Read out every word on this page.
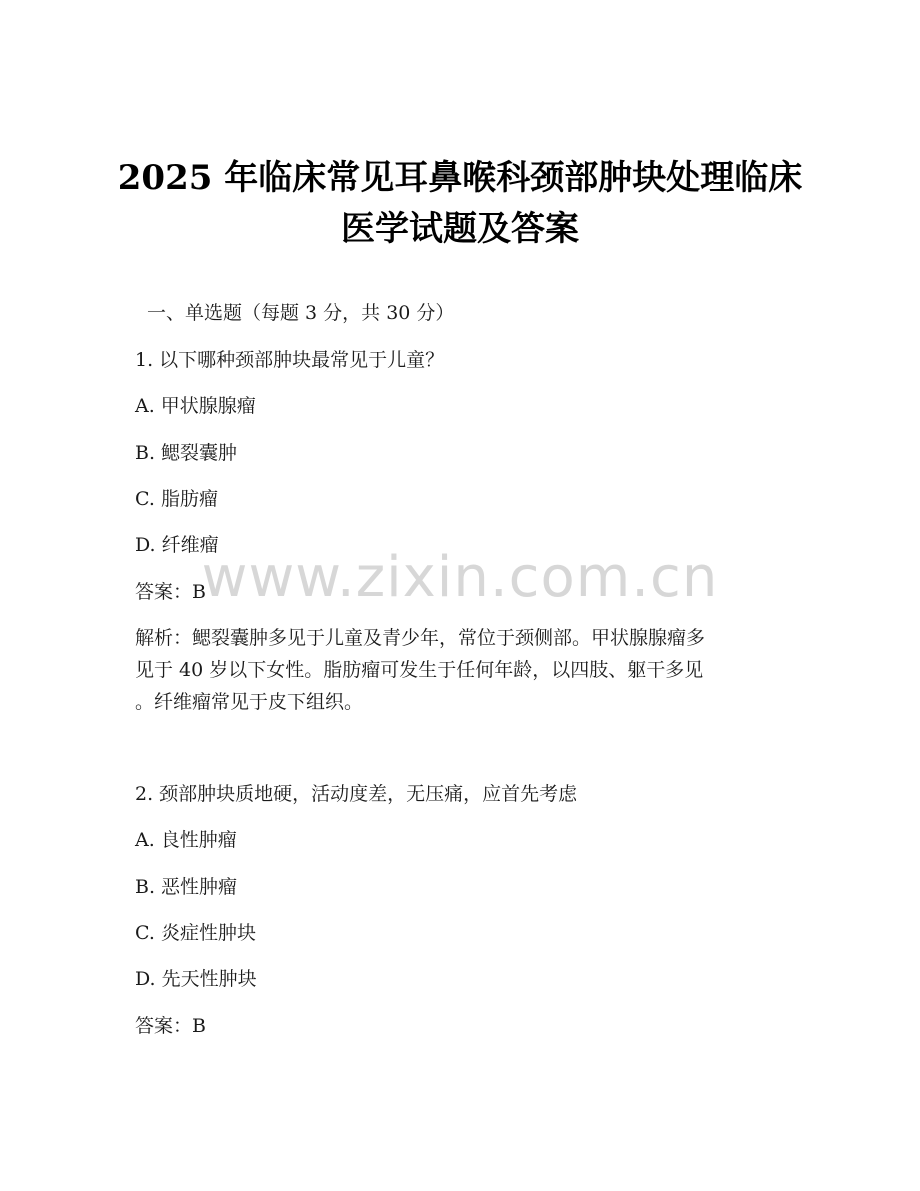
2025 年临床常见耳鼻喉科颈部肿块处理临床
医学试题及答案
一、单选题（每题 3 分，共 30 分）
1. 以下哪种颈部肿块最常见于儿童？
A. 甲状腺腺瘤
B. 鳃裂囊肿
C. 脂肪瘤
D. 纤维瘤
答案：B
解析：鳃裂囊肿多见于儿童及青少年，常位于颈侧部。甲状腺腺瘤多
见于 40 岁以下女性。脂肪瘤可发生于任何年龄，以四肢、躯干多见
。纤维瘤常见于皮下组织。
2. 颈部肿块质地硬，活动度差，无压痛，应首先考虑
A. 良性肿瘤
B. 恶性肿瘤
C. 炎症性肿块
D. 先天性肿块
答案：B
www.zixin.com.cn
